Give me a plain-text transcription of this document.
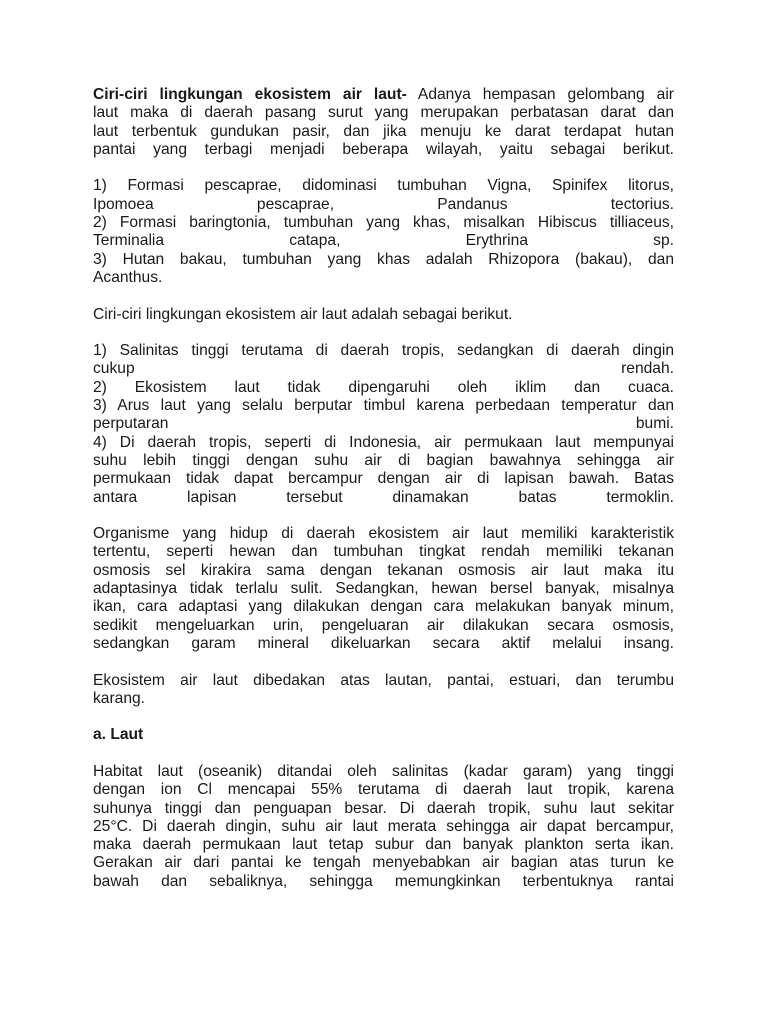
Ciri-ciri lingkungan ekosistem air laut- Adanya hempasan gelombang air
laut maka di daerah pasang surut yang merupakan perbatasan darat dan
laut terbentuk gundukan pasir, dan jika menuju ke darat terdapat hutan
pantai yang terbagi menjadi beberapa wilayah, yaitu sebagai berikut.
1) Formasi pescaprae, didominasi tumbuhan Vigna, Spinifex litorus,
Ipomoea pescaprae, Pandanus tectorius.
2) Formasi baringtonia, tumbuhan yang khas, misalkan Hibiscus tilliaceus,
Terminalia catapa, Erythrina sp.
3) Hutan bakau, tumbuhan yang khas adalah Rhizopora (bakau), dan
Acanthus.
Ciri-ciri lingkungan ekosistem air laut adalah sebagai berikut.
1) Salinitas tinggi terutama di daerah tropis, sedangkan di daerah dingin
cukup rendah.
2) Ekosistem laut tidak dipengaruhi oleh iklim dan cuaca.
3) Arus laut yang selalu berputar timbul karena perbedaan temperatur dan
perputaran bumi.
4) Di daerah tropis, seperti di Indonesia, air permukaan laut mempunyai
suhu lebih tinggi dengan suhu air di bagian bawahnya sehingga air
permukaan tidak dapat bercampur dengan air di lapisan bawah. Batas
antara lapisan tersebut dinamakan batas termoklin.
Organisme yang hidup di daerah ekosistem air laut memiliki karakteristik
tertentu, seperti hewan dan tumbuhan tingkat rendah memiliki tekanan
osmosis sel kirakira sama dengan tekanan osmosis air laut maka itu
adaptasinya tidak terlalu sulit. Sedangkan, hewan bersel banyak, misalnya
ikan, cara adaptasi yang dilakukan dengan cara melakukan banyak minum,
sedikit mengeluarkan urin, pengeluaran air dilakukan secara osmosis,
sedangkan garam mineral dikeluarkan secara aktif melalui insang.
Ekosistem air laut dibedakan atas lautan, pantai, estuari, dan terumbu
karang.
a. Laut
Habitat laut (oseanik) ditandai oleh salinitas (kadar garam) yang tinggi
dengan ion Cl mencapai 55% terutama di daerah laut tropik, karena
suhunya tinggi dan penguapan besar. Di daerah tropik, suhu laut sekitar
25°C. Di daerah dingin, suhu air laut merata sehingga air dapat bercampur,
maka daerah permukaan laut tetap subur dan banyak plankton serta ikan.
Gerakan air dari pantai ke tengah menyebabkan air bagian atas turun ke
bawah dan sebaliknya, sehingga memungkinkan terbentuknya rantai
